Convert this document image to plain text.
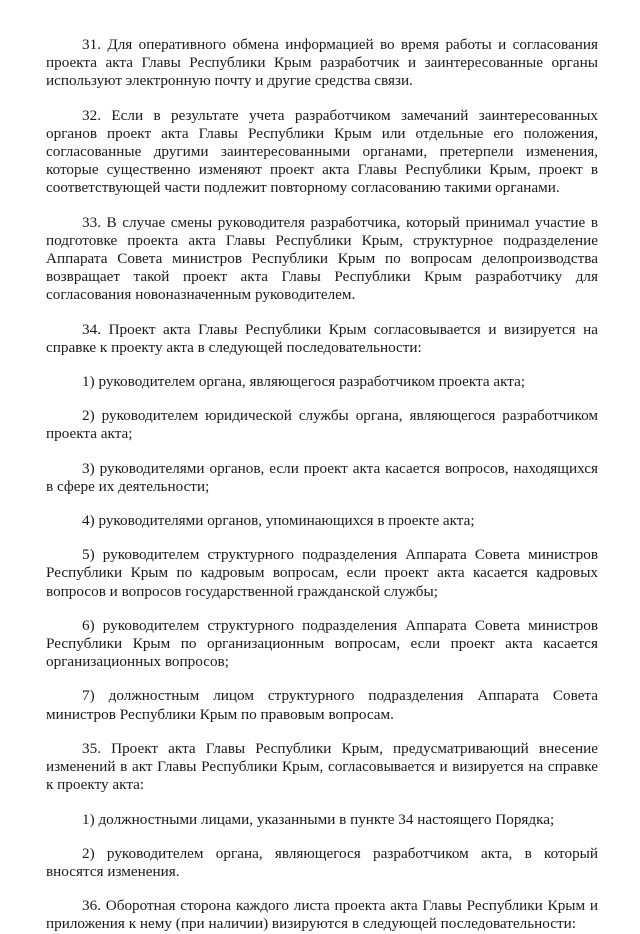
31. Для оперативного обмена информацией во время работы и согласования проекта акта Главы Республики Крым разработчик и заинтересованные органы используют электронную почту и другие средства связи.

32. Если в результате учета разработчиком замечаний заинтересованных органов проект акта Главы Республики Крым или отдельные его положения, согласованные другими заинтересованными органами, претерпели изменения, которые существенно изменяют проект акта Главы Республики Крым, проект в соответствующей части подлежит повторному согласованию такими органами.

33. В случае смены руководителя разработчика, который принимал участие в подготовке проекта акта Главы Республики Крым, структурное подразделение Аппарата Совета министров Республики Крым по вопросам делопроизводства возвращает такой проект акта Главы Республики Крым разработчику для согласования новоназначенным руководителем.

34. Проект акта Главы Республики Крым согласовывается и визируется на справке к проекту акта в следующей последовательности:

1) руководителем органа, являющегося разработчиком проекта акта;

2) руководителем юридической службы органа, являющегося разработчиком проекта акта;

3) руководителями органов, если проект акта касается вопросов, находящихся в сфере их деятельности;

4) руководителями органов, упоминающихся в проекте акта;

5) руководителем структурного подразделения Аппарата Совета министров Республики Крым по кадровым вопросам, если проект акта касается кадровых вопросов и вопросов государственной гражданской службы;

6) руководителем структурного подразделения Аппарата Совета министров Республики Крым по организационным вопросам, если проект акта касается организационных вопросов;

7) должностным лицом структурного подразделения Аппарата Совета министров Республики Крым по правовым вопросам.

35. Проект акта Главы Республики Крым, предусматривающий внесение изменений в акт Главы Республики Крым, согласовывается и визируется на справке к проекту акта:

1) должностными лицами, указанными в пункте 34 настоящего Порядка;

2) руководителем органа, являющегося разработчиком акта, в который вносятся изменения.

36. Оборотная сторона каждого листа проекта акта Главы Республики Крым и приложения к нему (при наличии) визируются в следующей последовательности:
